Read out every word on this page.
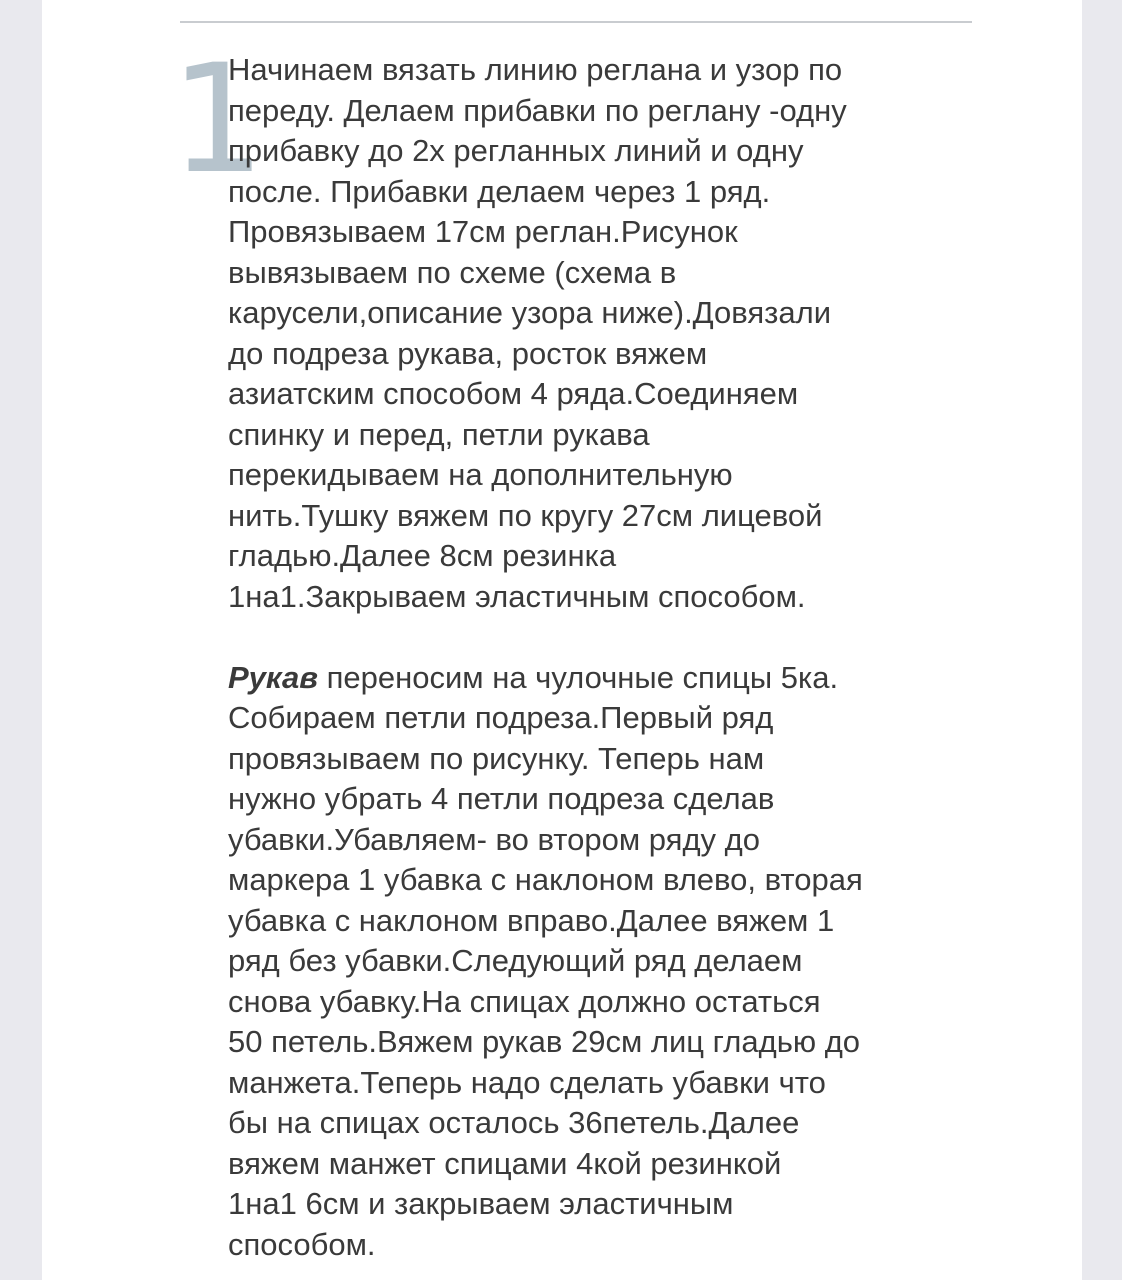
1
Начинаем вязать линию реглана и узор по
переду. Делаем прибавки по реглану -одну
прибавку до 2х регланных линий и одну
после. Прибавки делаем через 1 ряд.
Провязываем 17см реглан.Рисунок
вывязываем по схеме (схема в
карусели,описание узора ниже).Довязали
до подреза рукава, росток вяжем
азиатским способом 4 ряда.Соединяем
спинку и перед, петли рукава
перекидываем на дополнительную
нить.Тушку вяжем по кругу 27см лицевой
гладью.Далее 8см резинка
1на1.Закрываем эластичным способом.
Рукав переносим на чулочные спицы 5ка.
Собираем петли подреза.Первый ряд
провязываем по рисунку. Теперь нам
нужно убрать 4 петли подреза сделав
убавки.Убавляем- во втором ряду до
маркера 1 убавка с наклоном влево, вторая
убавка с наклоном вправо.Далее вяжем 1
ряд без убавки.Следующий ряд делаем
снова убавку.На спицах должно остаться
50 петель.Вяжем рукав 29см лиц гладью до
манжета.Теперь надо сделать убавки что
бы на спицах осталось 36петель.Далее
вяжем манжет спицами 4кой резинкой
1на1 6см и закрываем эластичным
способом.
